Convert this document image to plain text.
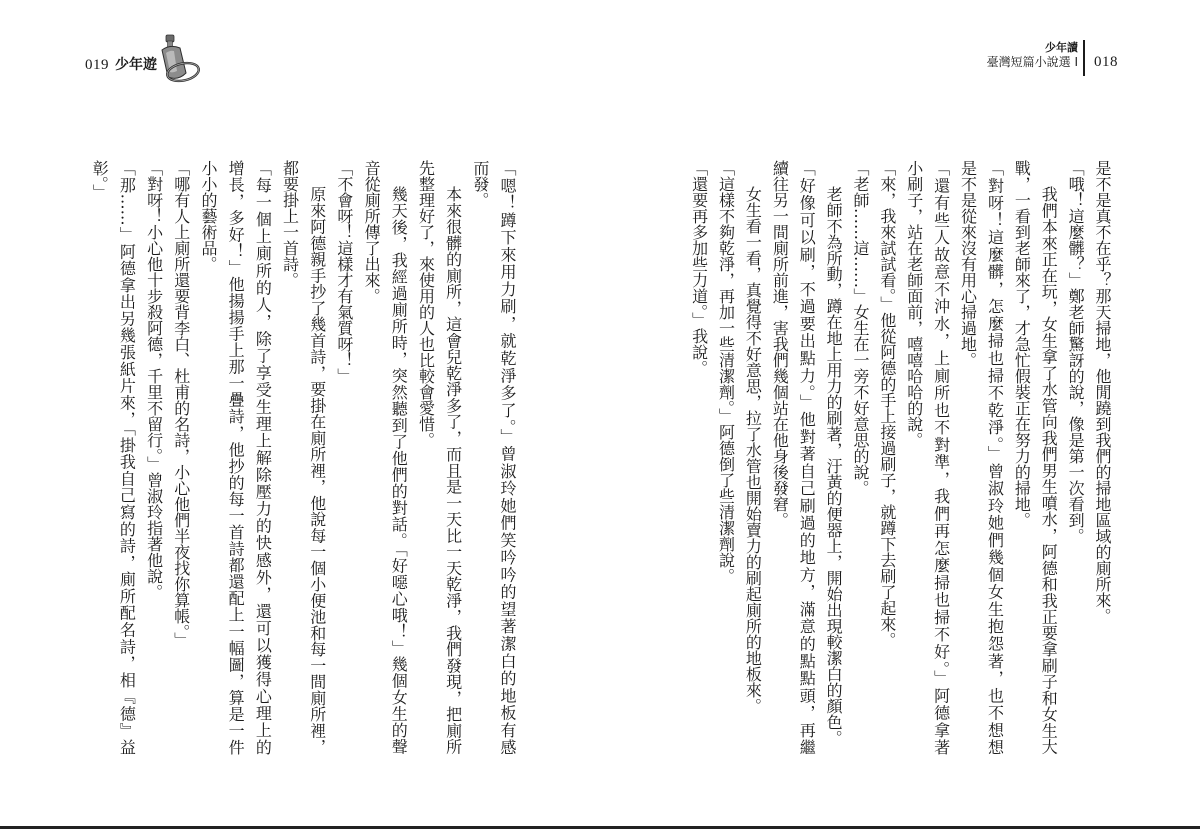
019 少年遊
少年讀
臺灣短篇小說選 I 018
是不是真不在乎？那天掃地，他閒蹺到我們的掃地區域的廁所來。
「哦！這麼髒？」鄭老師驚訝的說，像是第一次看到。
我們本來正在玩，女生拿了水管向我們男生噴水，阿德和我正要拿刷子和女生大
戰，一看到老師來了，才急忙假裝正在努力的掃地。
「對呀！這麼髒，怎麼掃也掃不乾淨。」曾淑玲她們幾個女生抱怨著，也不想想
是不是從來沒有用心掃過地。
「還有些人故意不沖水，上廁所也不對準，我們再怎麼掃也掃不好。」阿德拿著
小刷子，站在老師面前，嘻嘻哈哈的說。
「來，我來試試看。」他從阿德的手上接過刷子，就蹲下去刷了起來。
「老師……這……」女生在一旁不好意思的說。
老師不為所動，蹲在地上用力的刷著，汙黃的便器上，開始出現較潔白的顏色。
「好像可以刷，不過要出點力。」他對著自己刷過的地方，滿意的點點頭，再繼
續往另一間廁所前進，害我們幾個站在他身後發窘。
女生看一看，真覺得不好意思，拉了水管也開始賣力的刷起廁所的地板來。
「這樣不夠乾淨，再加一些清潔劑。」阿德倒了些清潔劑說。
「還要再多加些力道。」我說。
「嗯！蹲下來用力刷，就乾淨多了。」曾淑玲她們笑吟吟的望著潔白的地板有感
而發。
本來很髒的廁所，這會兒乾淨多了，而且是一天比一天乾淨，我們發現，把廁所
先整理好了，來使用的人也比較會愛惜。
幾天後，我經過廁所時，突然聽到了他們的對話。「好噁心哦！」幾個女生的聲
音從廁所傳了出來。
「不會呀！這樣才有氣質呀！」
原來阿德親手抄了幾首詩，要掛在廁所裡，他說每一個小便池和每一間廁所裡，
都要掛上一首詩。
「每一個上廁所的人，除了享受生理上解除壓力的快感外，還可以獲得心理上的
增長，多好！」他揚揚手上那一疊詩，他抄的每一首詩都還配上一幅圖，算是一件
小小的藝術品。
「哪有人上廁所還要背李白、杜甫的名詩，小心他們半夜找你算帳。」
「對呀！小心他十步殺阿德，千里不留行。」曾淑玲指著他說。
「那……」阿德拿出另幾張紙片來，「掛我自己寫的詩，廁所配名詩，相『德』益
彰。」
